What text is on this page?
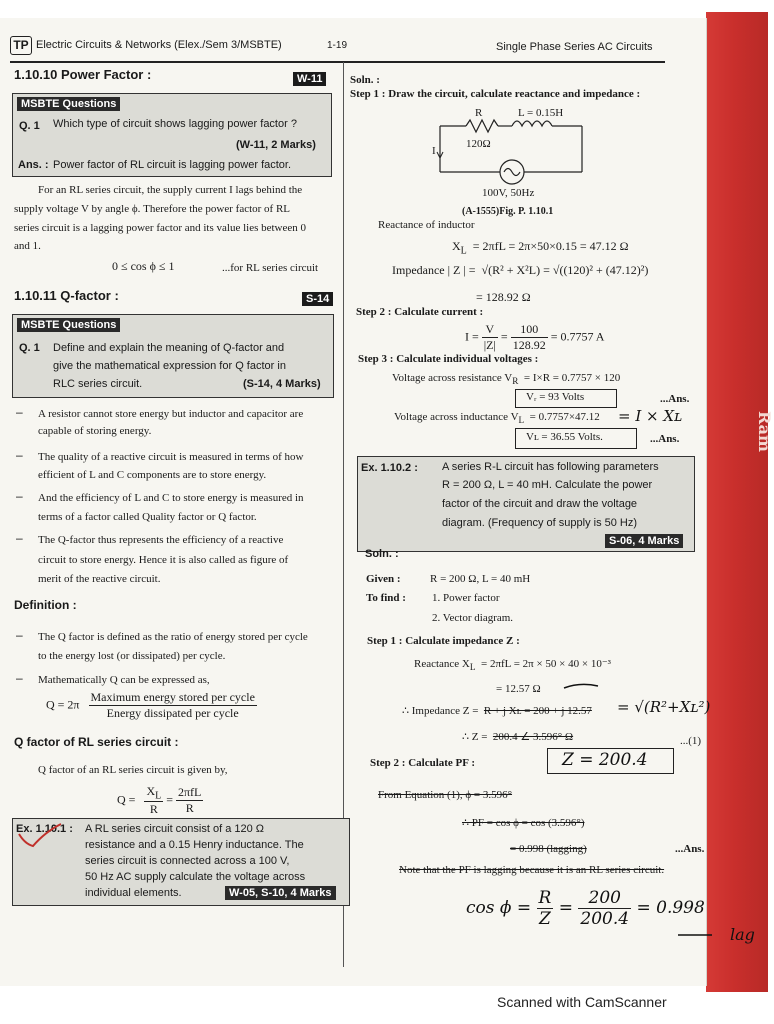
Ram
TP Electric Circuits & Networks (Elex./Sem 3/MSBTE)	1-19	Single Phase Series AC Circuits
1.10.10 Power Factor :	W-11
MSBTE Questions
Q. 1 Which type of circuit shows lagging power factor ?
(W-11, 2 Marks)
Ans. : Power factor of RL circuit is lagging power factor.
For an RL series circuit, the supply current I lags behind the
supply voltage V by angle ϕ. Therefore the power factor of RL
series circuit is a lagging power factor and its value lies between 0
and 1.
0 ≤ cos ϕ ≤ 1	...for RL series circuit
1.10.11 Q-factor :	S-14
MSBTE Questions
Q. 1 Define and explain the meaning of Q-factor and
give the mathematical expression for Q factor in
RLC series circuit.	(S-14, 4 Marks)
– A resistor cannot store energy but inductor and capacitor are
capable of storing energy.
– The quality of a reactive circuit is measured in terms of how
efficient of L and C components are to store energy.
– And the efficiency of L and C to store energy is measured in
terms of a factor called Quality factor or Q factor.
– The Q-factor thus represents the efficiency of a reactive
circuit to store energy. Hence it is also called as figure of
merit of the reactive circuit.
Definition :
– The Q factor is defined as the ratio of energy stored per cycle
to the energy lost (or dissipated) per cycle.
– Mathematically Q can be expressed as,
$Q = 2\pi \frac{\text{Maximum energy stored per cycle}}{\text{Energy dissipated per cycle}}$
Q factor of RL series circuit :
Q factor of an RL series circuit is given by,
$Q = \frac{X_L}{R} = \frac{\text{2πfL}}{R}$
Ex. 1.10.1 : A RL series circuit consist of a 120 Ω
resistance and a 0.15 Henry inductance. The
series circuit is connected across a 100 V,
50 Hz AC supply calculate the voltage across
individual elements.	W-05, S-10, 4 Marks
Soln. :
Step 1 : Draw the circuit, calculate reactance and impedance :
R	L = 0.15H
120Ω
I
100V, 50Hz
(A-1555)Fig. P. 1.10.1
Reactance of inductor
$X_L = 2\pi fL = 2\pi\times 50\times 0.15 = 47.12$ Ω
Impedance | Z | = √(R² + X²L) = √((120)² + (47.12)²)
= 128.92 Ω
Step 2 : Calculate current :
$I = \frac{V}{|Z|} = \frac{100}{128.92} = 0.7757$ A
Step 3 : Calculate individual voltages :
Voltage across resistance $V_R = I\times R = 0.7757 \times 120$
Vᵣ = 93 Volts	...Ans.
Voltage across inductance $V_L = 0.7757\times 47.12 = I$ × Xʟ
Vʟ = 36.55 Volts.	...Ans.
Ex. 1.10.2 : A series R-L circuit has following parameters
R = 200 Ω, L = 40 mH. Calculate the power
factor of the circuit and draw the voltage
diagram. (Frequency of supply is 50 Hz)
S-06, 4 Marks
Soln. :
Given :	R = 200 Ω, L = 40 mH
To find : 1. Power factor
2. Vector diagram.
Step 1 : Calculate impedance Z :
Reactance $X_L = 2\pi fL = 2\pi \times 50 \times 40 \times 10^{-3}$
= 12.57 Ω
∴ Impedance Z = R + j Xʟ = 200 + j 12.57 = √(R²+Xʟ²)
∴ Z = 200.4 ∠ 3.596° Ω	...(1)
Z = 200.4
Step 2 : Calculate PF :
From Equation (1), ϕ = 3.596°
∴ PF = cos ϕ = cos (3.596°)
= 0.998 (lagging)	...Ans.
Note that the PF is lagging because it is an RL series circuit.
$\cos \phi = \frac{R}{Z} = \frac{200}{200.4} = 0.998$
lag
Scanned with CamScanner
